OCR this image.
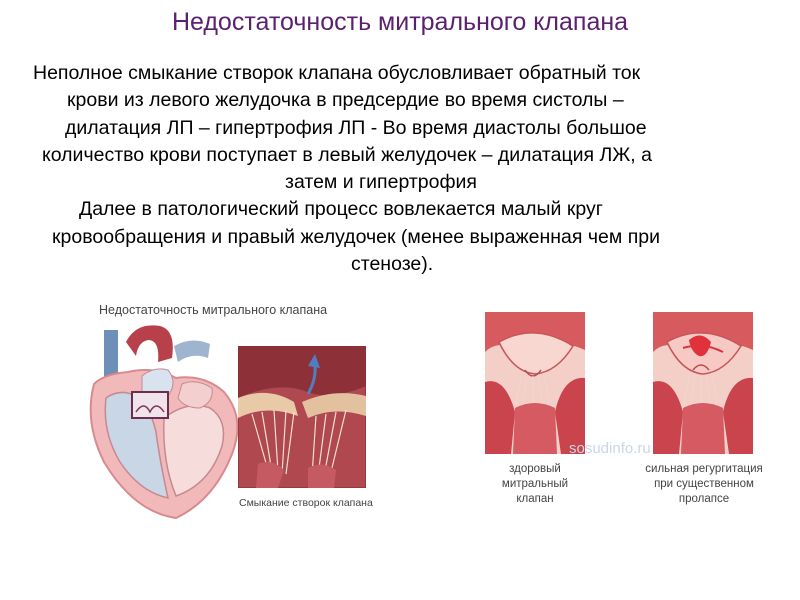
Недостаточность митрального клапана
Неполное смыкание створок клапана обусловливает обратный ток
крови из левого желудочка в предсердие во время систолы –
дилатация ЛП – гипертрофия ЛП - Во время диастолы большое
количество крови поступает в левый желудочек – дилатация ЛЖ, а
затем и гипертрофия
Далее в патологический процесс вовлекается малый круг
кровообращения и правый желудочек (менее выраженная чем при
стенозе).
Недостаточность митрального клапана
Смыкание створок клапана
sosudinfo.ru
здоровый
митральный
клапан
сильная регургитация
при существенном
пролапсе
